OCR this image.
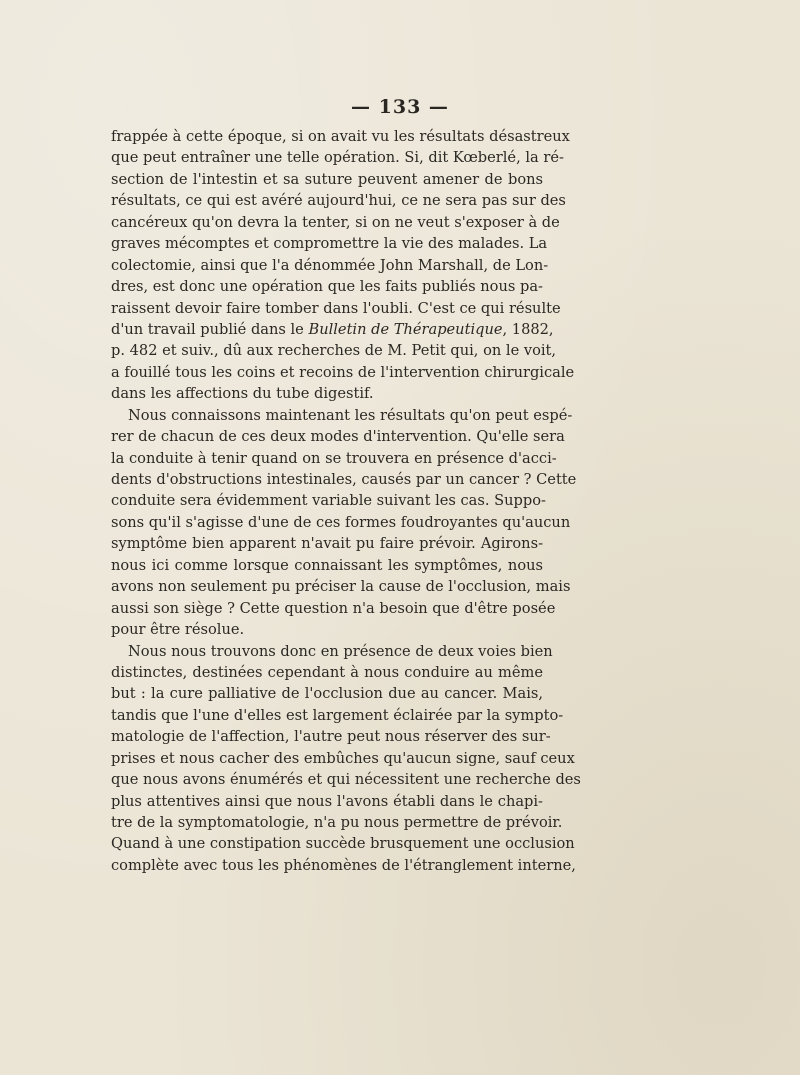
— 133 —
frappée à cette époque, si on avait vu les résultats désastreux
que peut entraîner une telle opération. Si, dit Kœberlé, la ré-
section de l'intestin et sa suture peuvent amener de bons
résultats, ce qui est avéré aujourd'hui, ce ne sera pas sur des
cancéreux qu'on devra la tenter, si on ne veut s'exposer à de
graves mécomptes et compromettre la vie des malades. La
colectomie, ainsi que l'a dénommée John Marshall, de Lon-
dres, est donc une opération que les faits publiés nous pa-
raissent devoir faire tomber dans l'oubli. C'est ce qui résulte
d'un travail publié dans le Bulletin de Thérapeutique, 1882,
p. 482 et suiv., dû aux recherches de M. Petit qui, on le voit,
a fouillé tous les coins et recoins de l'intervention chirurgicale
dans les affections du tube digestif.
Nous connaissons maintenant les résultats qu'on peut espé-
rer de chacun de ces deux modes d'intervention. Qu'elle sera
la conduite à tenir quand on se trouvera en présence d'acci-
dents d'obstructions intestinales, causés par un cancer ? Cette
conduite sera évidemment variable suivant les cas. Suppo-
sons qu'il s'agisse d'une de ces formes foudroyantes qu'aucun
symptôme bien apparent n'avait pu faire prévoir. Agirons-
nous ici comme lorsque connaissant les symptômes, nous
avons non seulement pu préciser la cause de l'occlusion, mais
aussi son siège ? Cette question n'a besoin que d'être posée
pour être résolue.
Nous nous trouvons donc en présence de deux voies bien
distinctes, destinées cependant à nous conduire au même
but : la cure palliative de l'occlusion due au cancer. Mais,
tandis que l'une d'elles est largement éclairée par la sympto-
matologie de l'affection, l'autre peut nous réserver des sur-
prises et nous cacher des embûches qu'aucun signe, sauf ceux
que nous avons énumérés et qui nécessitent une recherche des
plus attentives ainsi que nous l'avons établi dans le chapi-
tre de la symptomatologie, n'a pu nous permettre de prévoir.
Quand à une constipation succède brusquement une occlusion
complète avec tous les phénomènes de l'étranglement interne,
